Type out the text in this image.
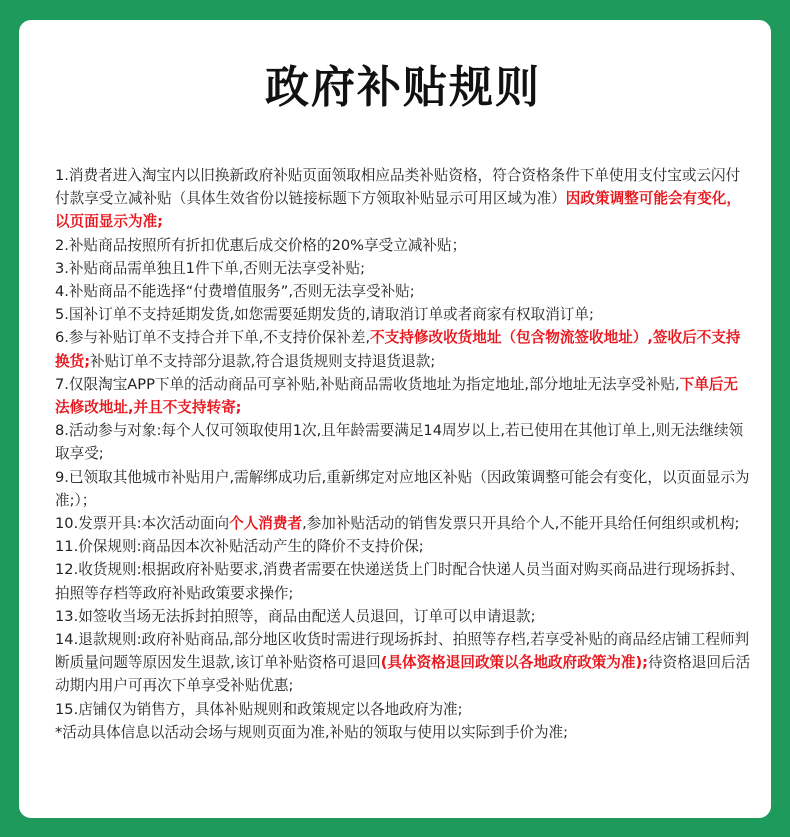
政府补贴规则

1.消费者进入淘宝内以旧换新政府补贴页面领取相应品类补贴资格，符合资格条件下单使用支付宝或云闪付付款享受立减补贴（具体生效省份以链接标题下方领取补贴显示可用区域为准）因政策调整可能会有变化，以页面显示为准;

2.补贴商品按照所有折扣优惠后成交价格的20%享受立减补贴；

3.补贴商品需单独且1件下单,否则无法享受补贴;

4.补贴商品不能选择“付费增值服务”,否则无法享受补贴;

5.国补订单不支持延期发货,如您需要延期发货的,请取消订单或者商家有权取消订单;

6.参与补贴订单不支持合并下单,不支持价保补差,不支持修改收货地址（包含物流签收地址）,签收后不支持换货;补贴订单不支持部分退款,符合退货规则支持退货退款;

7.仅限淘宝APP下单的活动商品可享补贴,补贴商品需收货地址为指定地址,部分地址无法享受补贴,下单后无法修改地址,并且不支持转寄;

8.活动参与对象:每个人仅可领取使用1次,且年龄需要满足14周岁以上,若已使用在其他订单上,则无法继续领取享受;

9.已领取其他城市补贴用户,需解绑成功后,重新绑定对应地区补贴（因政策调整可能会有变化，以页面显示为准;）；

10.发票开具:本次活动面向个人消费者,参加补贴活动的销售发票只开具给个人,不能开具给任何组织或机构;

11.价保规则:商品因本次补贴活动产生的降价不支持价保;

12.收货规则:根据政府补贴要求,消费者需要在快递送货上门时配合快递人员当面对购买商品进行现场拆封、拍照等存档等政府补贴政策要求操作;

13.如签收当场无法拆封拍照等，商品由配送人员退回，订单可以申请退款;

14.退款规则:政府补贴商品,部分地区收货时需进行现场拆封、拍照等存档,若享受补贴的商品经店铺工程师判断质量问题等原因发生退款,该订单补贴资格可退回(具体资格退回政策以各地政府政策为准);待资格退回后活动期内用户可再次下单享受补贴优惠;

15.店铺仅为销售方，具体补贴规则和政策规定以各地政府为准;

*活动具体信息以活动会场与规则页面为准,补贴的领取与使用以实际到手价为准;
